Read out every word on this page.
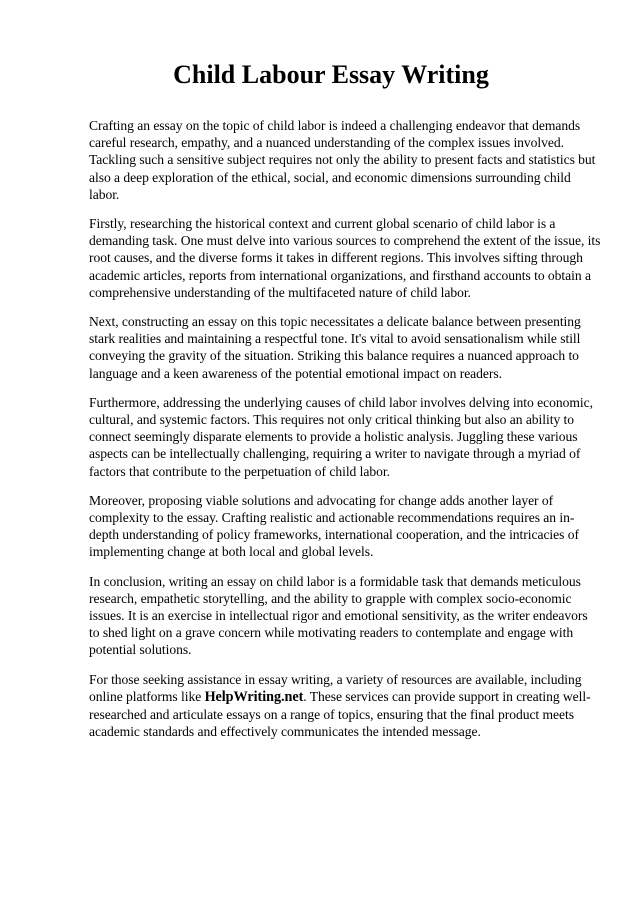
Child Labour Essay Writing

Crafting an essay on the topic of child labor is indeed a challenging endeavor that demands careful research, empathy, and a nuanced understanding of the complex issues involved. Tackling such a sensitive subject requires not only the ability to present facts and statistics but also a deep exploration of the ethical, social, and economic dimensions surrounding child labor.

Firstly, researching the historical context and current global scenario of child labor is a demanding task. One must delve into various sources to comprehend the extent of the issue, its root causes, and the diverse forms it takes in different regions. This involves sifting through academic articles, reports from international organizations, and firsthand accounts to obtain a comprehensive understanding of the multifaceted nature of child labor.

Next, constructing an essay on this topic necessitates a delicate balance between presenting stark realities and maintaining a respectful tone. It's vital to avoid sensationalism while still conveying the gravity of the situation. Striking this balance requires a nuanced approach to language and a keen awareness of the potential emotional impact on readers.

Furthermore, addressing the underlying causes of child labor involves delving into economic, cultural, and systemic factors. This requires not only critical thinking but also an ability to connect seemingly disparate elements to provide a holistic analysis. Juggling these various aspects can be intellectually challenging, requiring a writer to navigate through a myriad of factors that contribute to the perpetuation of child labor.

Moreover, proposing viable solutions and advocating for change adds another layer of complexity to the essay. Crafting realistic and actionable recommendations requires an in-depth understanding of policy frameworks, international cooperation, and the intricacies of implementing change at both local and global levels.

In conclusion, writing an essay on child labor is a formidable task that demands meticulous research, empathetic storytelling, and the ability to grapple with complex socio-economic issues. It is an exercise in intellectual rigor and emotional sensitivity, as the writer endeavors to shed light on a grave concern while motivating readers to contemplate and engage with potential solutions.

For those seeking assistance in essay writing, a variety of resources are available, including online platforms like HelpWriting.net. These services can provide support in creating well-researched and articulate essays on a range of topics, ensuring that the final product meets academic standards and effectively communicates the intended message.
